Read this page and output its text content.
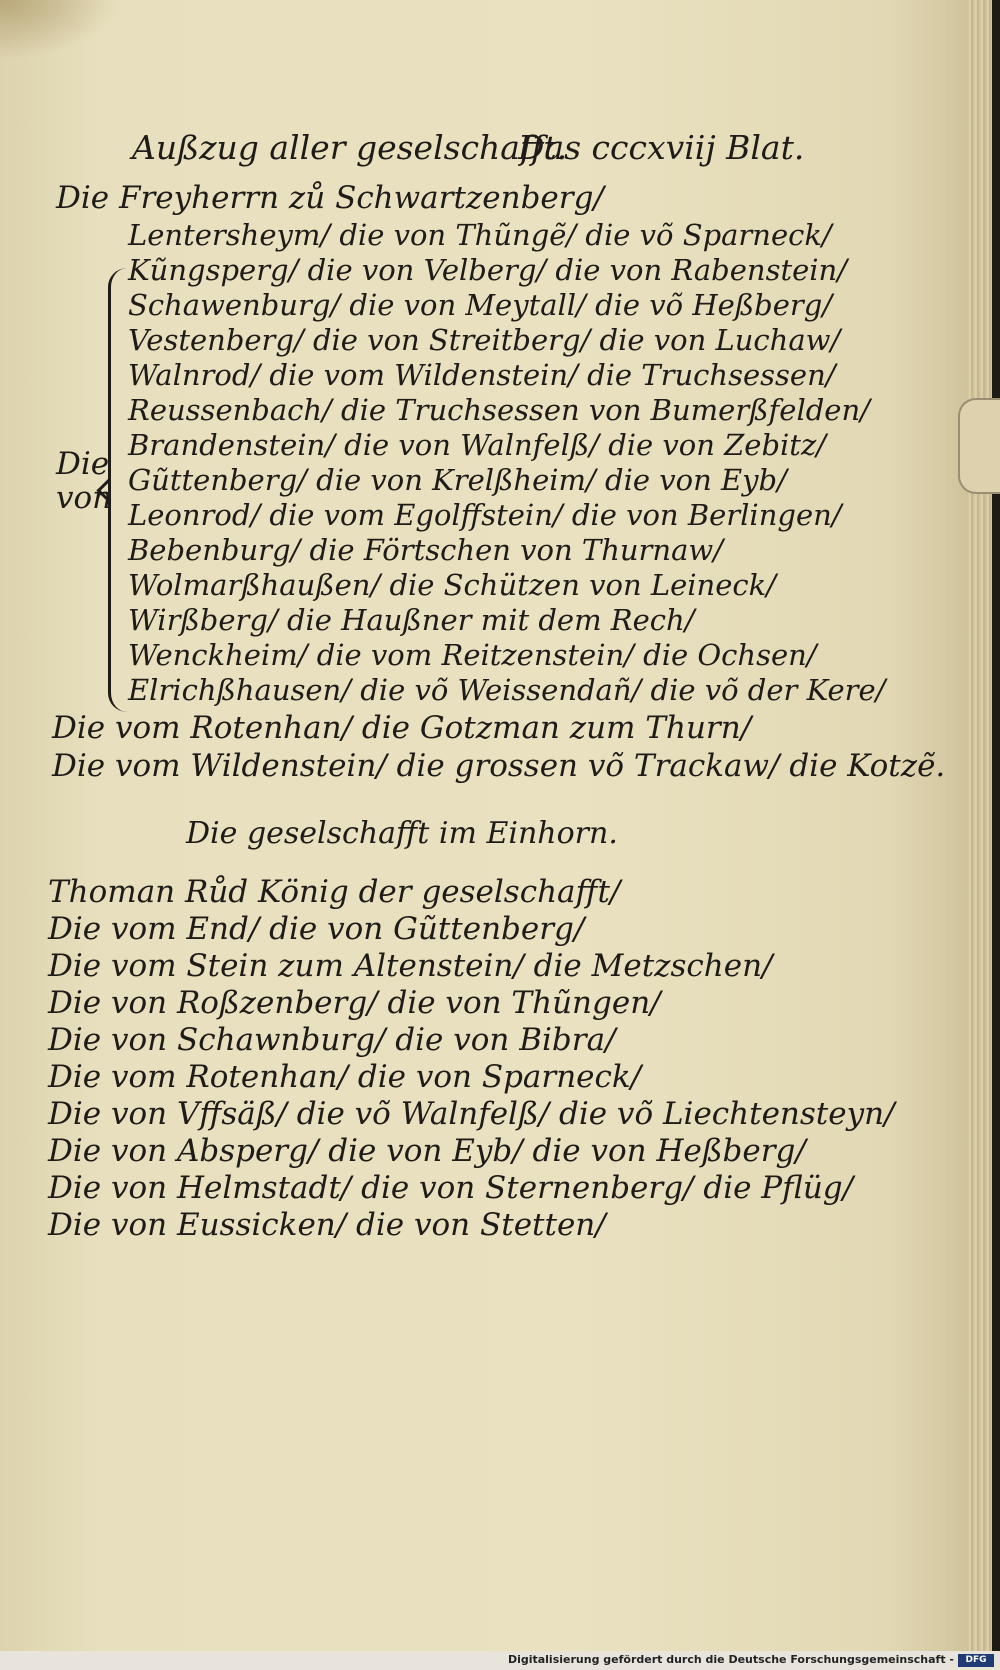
Außzug aller geselschafft.
Das cccxviij Blat.
Die Freyherrn zů Schwartzenberg/
Die
von
Lentersheym/ die von Thũngẽ/ die võ Sparneck/
Kũngsperg/ die von Velberg/ die von Rabenstein/
Schawenburg/ die von Meytall/ die võ Heßberg/
Vestenberg/ die von Streitberg/ die von Luchaw/
Walnrod/ die vom Wildenstein/ die Truchsessen/
Reussenbach/ die Truchsessen von Bumerßfelden/
Brandenstein/ die von Walnfelß/ die von Zebitz/
Gũttenberg/ die von Krelßheim/ die von Eyb/
Leonrod/ die vom Egolffstein/ die von Berlingen/
Bebenburg/ die Förtschen von Thurnaw/
Wolmarßhaußen/ die Schützen von Leineck/
Wirßberg/ die Haußner mit dem Rech/
Wenckheim/ die vom Reitzenstein/ die Ochsen/
Elrichßhausen/ die võ Weissendañ/ die võ der Kere/
Die vom Rotenhan/ die Gotzman zum Thurn/
Die vom Wildenstein/ die grossen võ Trackaw/ die Kotzẽ.
Die geselschafft im Einhorn.
Thoman Růd König der geselschafft/
Die vom End/ die von Gũttenberg/
Die vom Stein zum Altenstein/ die Metzschen/
Die von Roßzenberg/ die von Thũngen/
Die von Schawnburg/ die von Bibra/
Die vom Rotenhan/ die von Sparneck/
Die von Vffsäß/ die võ Walnfelß/ die võ Liechtensteyn/
Die von Absperg/ die von Eyb/ die von Heßberg/
Die von Helmstadt/ die von Sternenberg/ die Pflüg/
Die von Eussicken/ die von Stetten/
Digitalisierung gefördert durch die Deutsche Forschungsgemeinschaft -	DFG
